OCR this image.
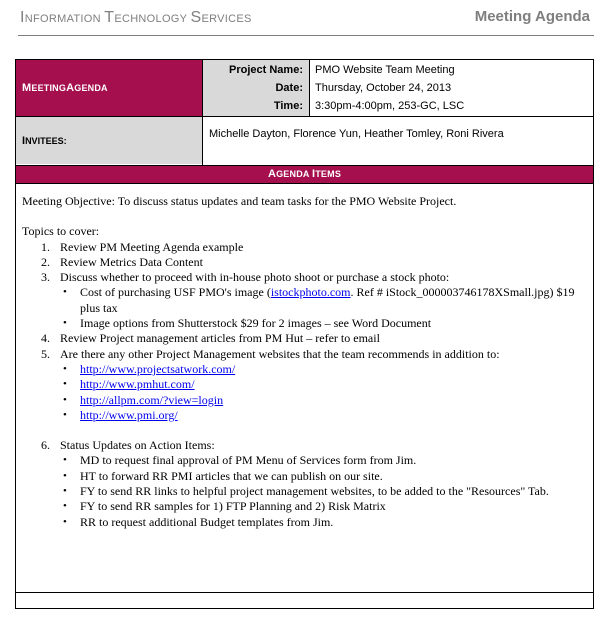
INFORMATION TECHNOLOGY SERVICES	Meeting Agenda
M EETING A GENDA
Project Name:
Date:
Time:
PMO Website Team Meeting
Thursday, October 24, 2013
3:30pm-4:00pm, 253-GC, LSC
I NVITEES:
Michelle Dayton, Florence Yun, Heather Tomley, Roni Rivera
AGENDA ITEMS

Meeting Objective: To discuss status updates and team tasks for the PMO Website Project.

Topics to cover:

1. Review PM Meeting Agenda example
2. Review Metrics Data Content
3. Discuss whether to proceed with in-house photo shoot or purchase a stock photo:
• Cost of purchasing USF PMO's image (istockphoto.com. Ref # iStock_000003746178XSmall.jpg) $19 plus tax
• Image options from Shutterstock $29 for 2 images – see Word Document
4. Review Project management articles from PM Hut – refer to email
5. Are there any other Project Management websites that the team recommends in addition to:
• http://www.projectsatwork.com/
• http://www.pmhut.com/
• http://allpm.com/?view=login
• http://www.pmi.org/
6. Status Updates on Action Items:
• MD to request final approval of PM Menu of Services form from Jim.
• HT to forward RR PMI articles that we can publish on our site.
• FY to send RR links to helpful project management websites, to be added to the "Resources" Tab.
• FY to send RR samples for 1) FTP Planning and 2) Risk Matrix
• RR to request additional Budget templates from Jim.
